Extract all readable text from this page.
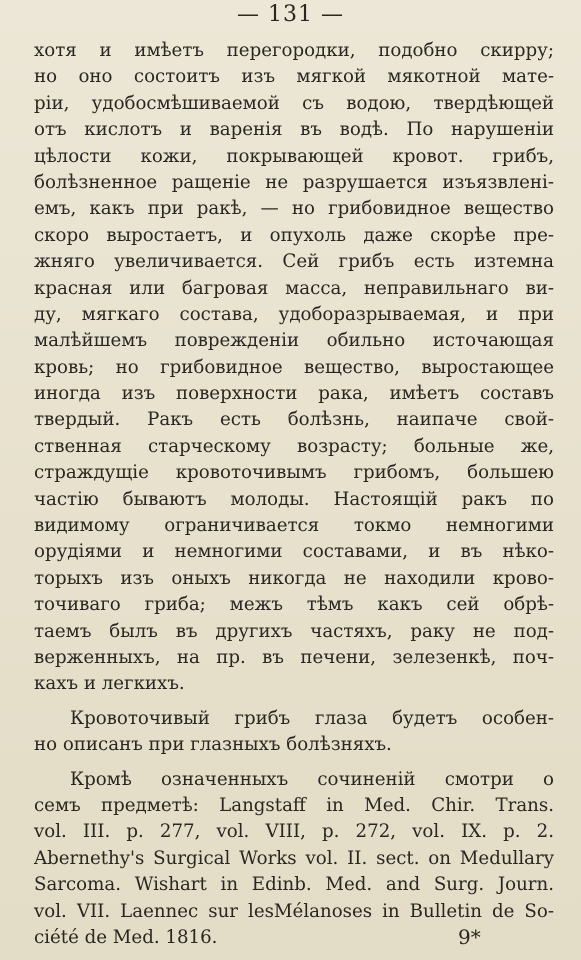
— 131 —
хотя и имѣетъ перегородки, подобно скирру;
но оно состоитъ изъ мягкой мякотной мате-
рiи, удобосмѣшиваемой съ водою, твердѣющей
отъ кислотъ и варенiя въ водѣ. По нарушенiи
цѣлости кожи, покрывающей кровот. грибъ,
болѣзненное ращенiе не разрушается изъязвленi-
емъ, какъ при ракѣ, — но грибовидное вещество
скоро выростаетъ, и опухоль даже скорѣе пре-
жняго увеличивается. Сей грибъ есть изтемна
красная или багровая масса, неправильнаго ви-
ду, мягкаго состава, удоборазрываемая, и при
малѣйшемъ поврежденiи обильно источающая
кровь; но грибовидное вещество, выростающее
иногда изъ поверхности рака, имѣетъ составъ
твердый. Ракъ есть болѣзнь, наипаче свой-
ственная старческому возрасту; больные же,
страждущiе кровоточивымъ грибомъ, большею
частiю бываютъ молоды. Настоящiй ракъ по
видимому ограничивается токмо немногими
орудiями и немногими составами, и въ нѣко-
торыхъ изъ оныхъ никогда не находили крово-
точиваго гриба; межъ тѣмъ какъ сей обрѣ-
таемъ былъ въ другихъ частяхъ, раку не под-
верженныхъ, на пр. въ печени, зелезенкѣ, поч-
кахъ и легкихъ.
Кровоточивый грибъ глаза будетъ особен-
но описанъ при глазныхъ болѣзняхъ.
Кромѣ означенныхъ сочиненiй смотри о
семъ предметѣ: Langstaff in Med. Chir. Trans.
vol. III. p. 277, vol. VIII, p. 272, vol. IX. p. 2.
Abernethy's Surgical Works vol. II. sect. on Medullary
Sarcoma. Wishart in Edinb. Med. and Surg. Journ.
vol. VII. Laennec sur lesMélanoses in Bulletin de So-
ciété de Med. 1816.	9*
